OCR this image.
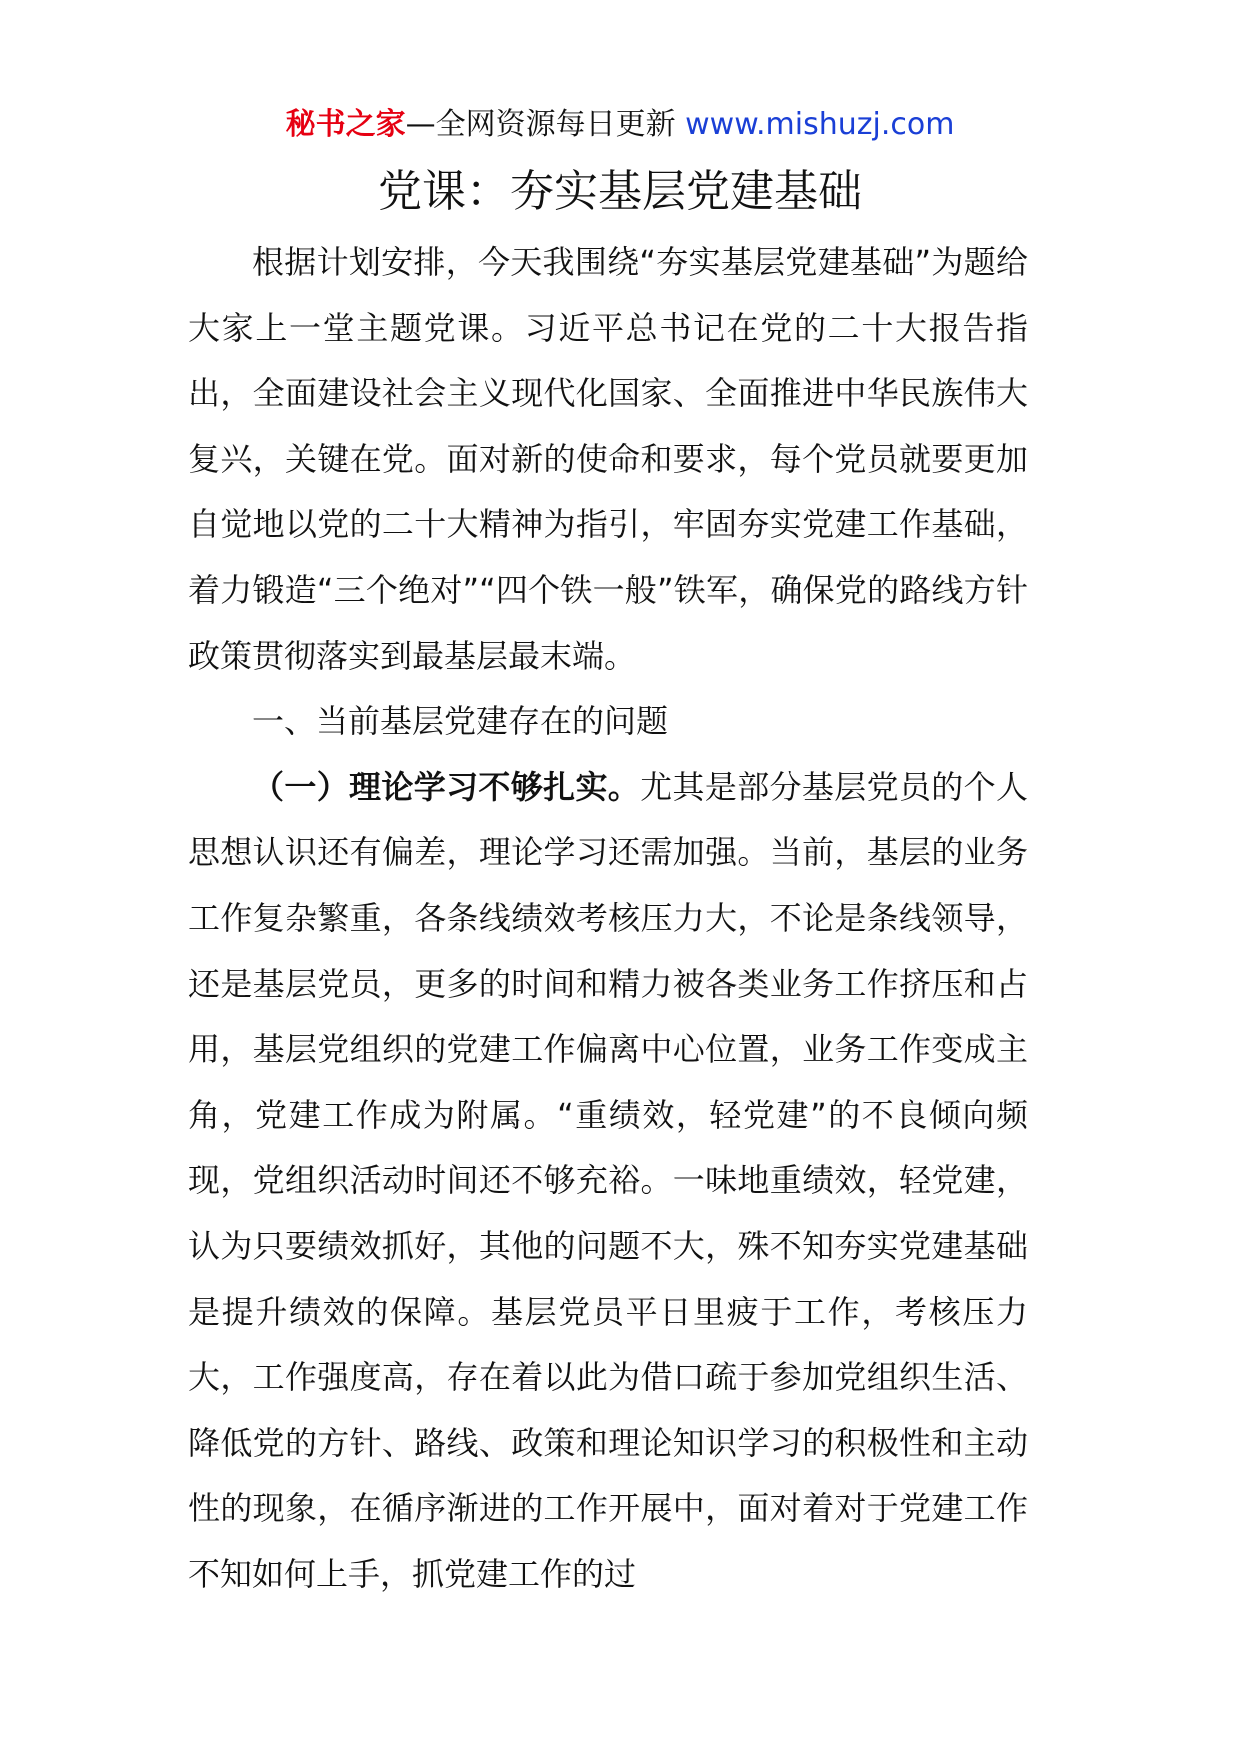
秘书之家—全网资源每日更新 www.mishuzj.com
党课：夯实基层党建基础

根据计划安排，今天我围绕“夯实基层党建基础”为题给大家上一堂主题党课。习近平总书记在党的二十大报告指出，全面建设社会主义现代化国家、全面推进中华民族伟大复兴，关键在党。面对新的使命和要求，每个党员就要更加自觉地以党的二十大精神为指引，牢固夯实党建工作基础，着力锻造“三个绝对”“四个铁一般”铁军，确保党的路线方针政策贯彻落实到最基层最末端。

一、当前基层党建存在的问题

（一）理论学习不够扎实。尤其是部分基层党员的个人思想认识还有偏差，理论学习还需加强。当前，基层的业务工作复杂繁重，各条线绩效考核压力大，不论是条线领导，还是基层党员，更多的时间和精力被各类业务工作挤压和占用，基层党组织的党建工作偏离中心位置，业务工作变成主角，党建工作成为附属。“重绩效，轻党建”的不良倾向频现，党组织活动时间还不够充裕。一味地重绩效，轻党建，认为只要绩效抓好，其他的问题不大，殊不知夯实党建基础是提升绩效的保障。基层党员平日里疲于工作，考核压力大，工作强度高，存在着以此为借口疏于参加党组织生活、降低党的方针、路线、政策和理论知识学习的积极性和主动性的现象，在循序渐进的工作开展中，面对着对于党建工作不知如何上手，抓党建工作的过
